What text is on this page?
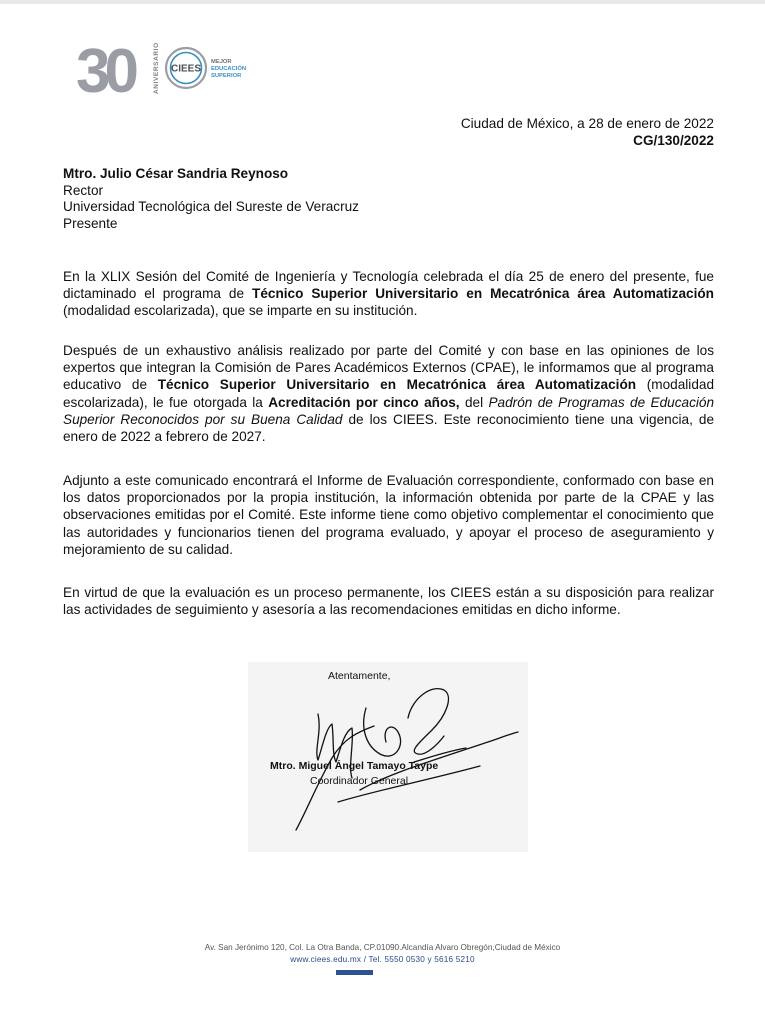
30	ANIVERSARIO CIEES
MEJOR
EDUCACIÓN
SUPERIOR
Ciudad de México, a 28 de enero de 2022
CG/130/2022
Mtro. Julio César Sandria Reynoso
Rector
Universidad Tecnológica del Sureste de Veracruz
Presente
En la XLIX Sesión del Comité de Ingeniería y Tecnología celebrada el día 25 de enero del presente, fue dictaminado el programa de Técnico Superior Universitario en Mecatrónica área Automatización (modalidad escolarizada), que se imparte en su institución.
Después de un exhaustivo análisis realizado por parte del Comité y con base en las opiniones de los expertos que integran la Comisión de Pares Académicos Externos (CPAE), le informamos que al programa educativo de Técnico Superior Universitario en Mecatrónica área Automatización (modalidad escolarizada), le fue otorgada la Acreditación por cinco años, del Padrón de Programas de Educación Superior Reconocidos por su Buena Calidad de los CIEES. Este reconocimiento tiene una vigencia, de enero de 2022 a febrero de 2027.
Adjunto a este comunicado encontrará el Informe de Evaluación correspondiente, conformado con base en los datos proporcionados por la propia institución, la información obtenida por parte de la CPAE y las observaciones emitidas por el Comité. Este informe tiene como objetivo complementar el conocimiento que las autoridades y funcionarios tienen del programa evaluado, y apoyar el proceso de aseguramiento y mejoramiento de su calidad.
En virtud de que la evaluación es un proceso permanente, los CIEES están a su disposición para realizar las actividades de seguimiento y asesoría a las recomendaciones emitidas en dicho informe.
Atentamente,
Mtro. Miguel Ángel Tamayo Taype
Coordinador General
Av. San Jerónimo 120, Col. La Otra Banda, CP.01090.Alcandía Alvaro Obregón,Ciudad de México
www.ciees.edu.mx / Tel. 5550 0530 y 5616 5210
